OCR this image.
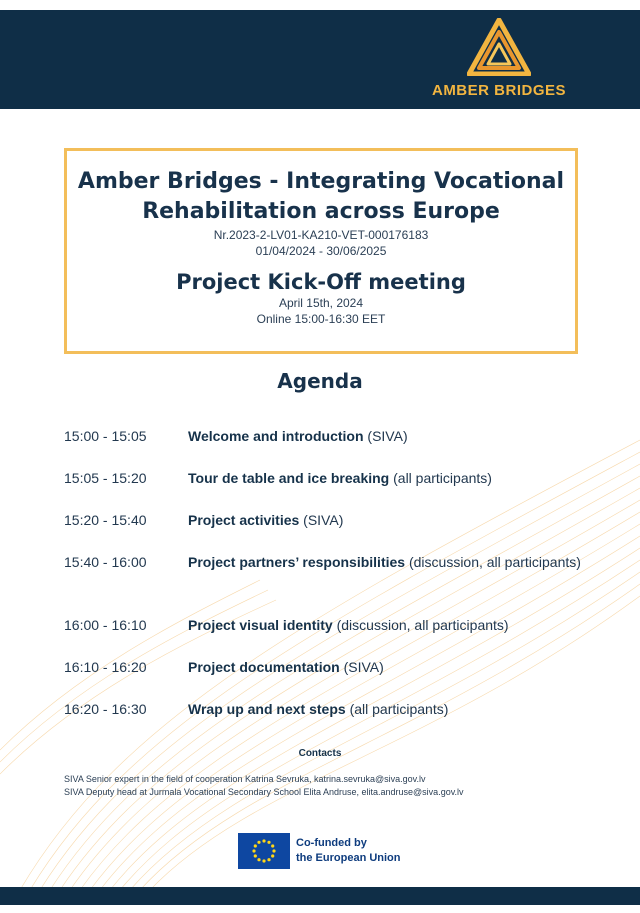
AMBER BRIDGES
Amber Bridges - Integrating Vocational
Rehabilitation across Europe
Nr.2023-2-LV01-KA210-VET-000176183
01/04/2024 - 30/06/2025
Project Kick-Off meeting
April 15th, 2024
Online 15:00-16:30 EET
Agenda
15:00 - 15:05	Welcome and introduction (SIVA)
15:05 - 15:20	Tour de table and ice breaking (all participants)
15:20 - 15:40	Project activities (SIVA)
15:40 - 16:00	Project partners’ responsibilities (discussion, all participants)
16:00 - 16:10	Project visual identity (discussion, all participants)
16:10 - 16:20	Project documentation (SIVA)
16:20 - 16:30	Wrap up and next steps (all participants)
Contacts
SIVA Senior expert in the field of cooperation Katrina Sevruka, katrina.sevruka@siva.gov.lv
SIVA Deputy head at Jurmala Vocational Secondary School Elita Andruse, elita.andruse@siva.gov.lv
Co-funded by
the European Union
